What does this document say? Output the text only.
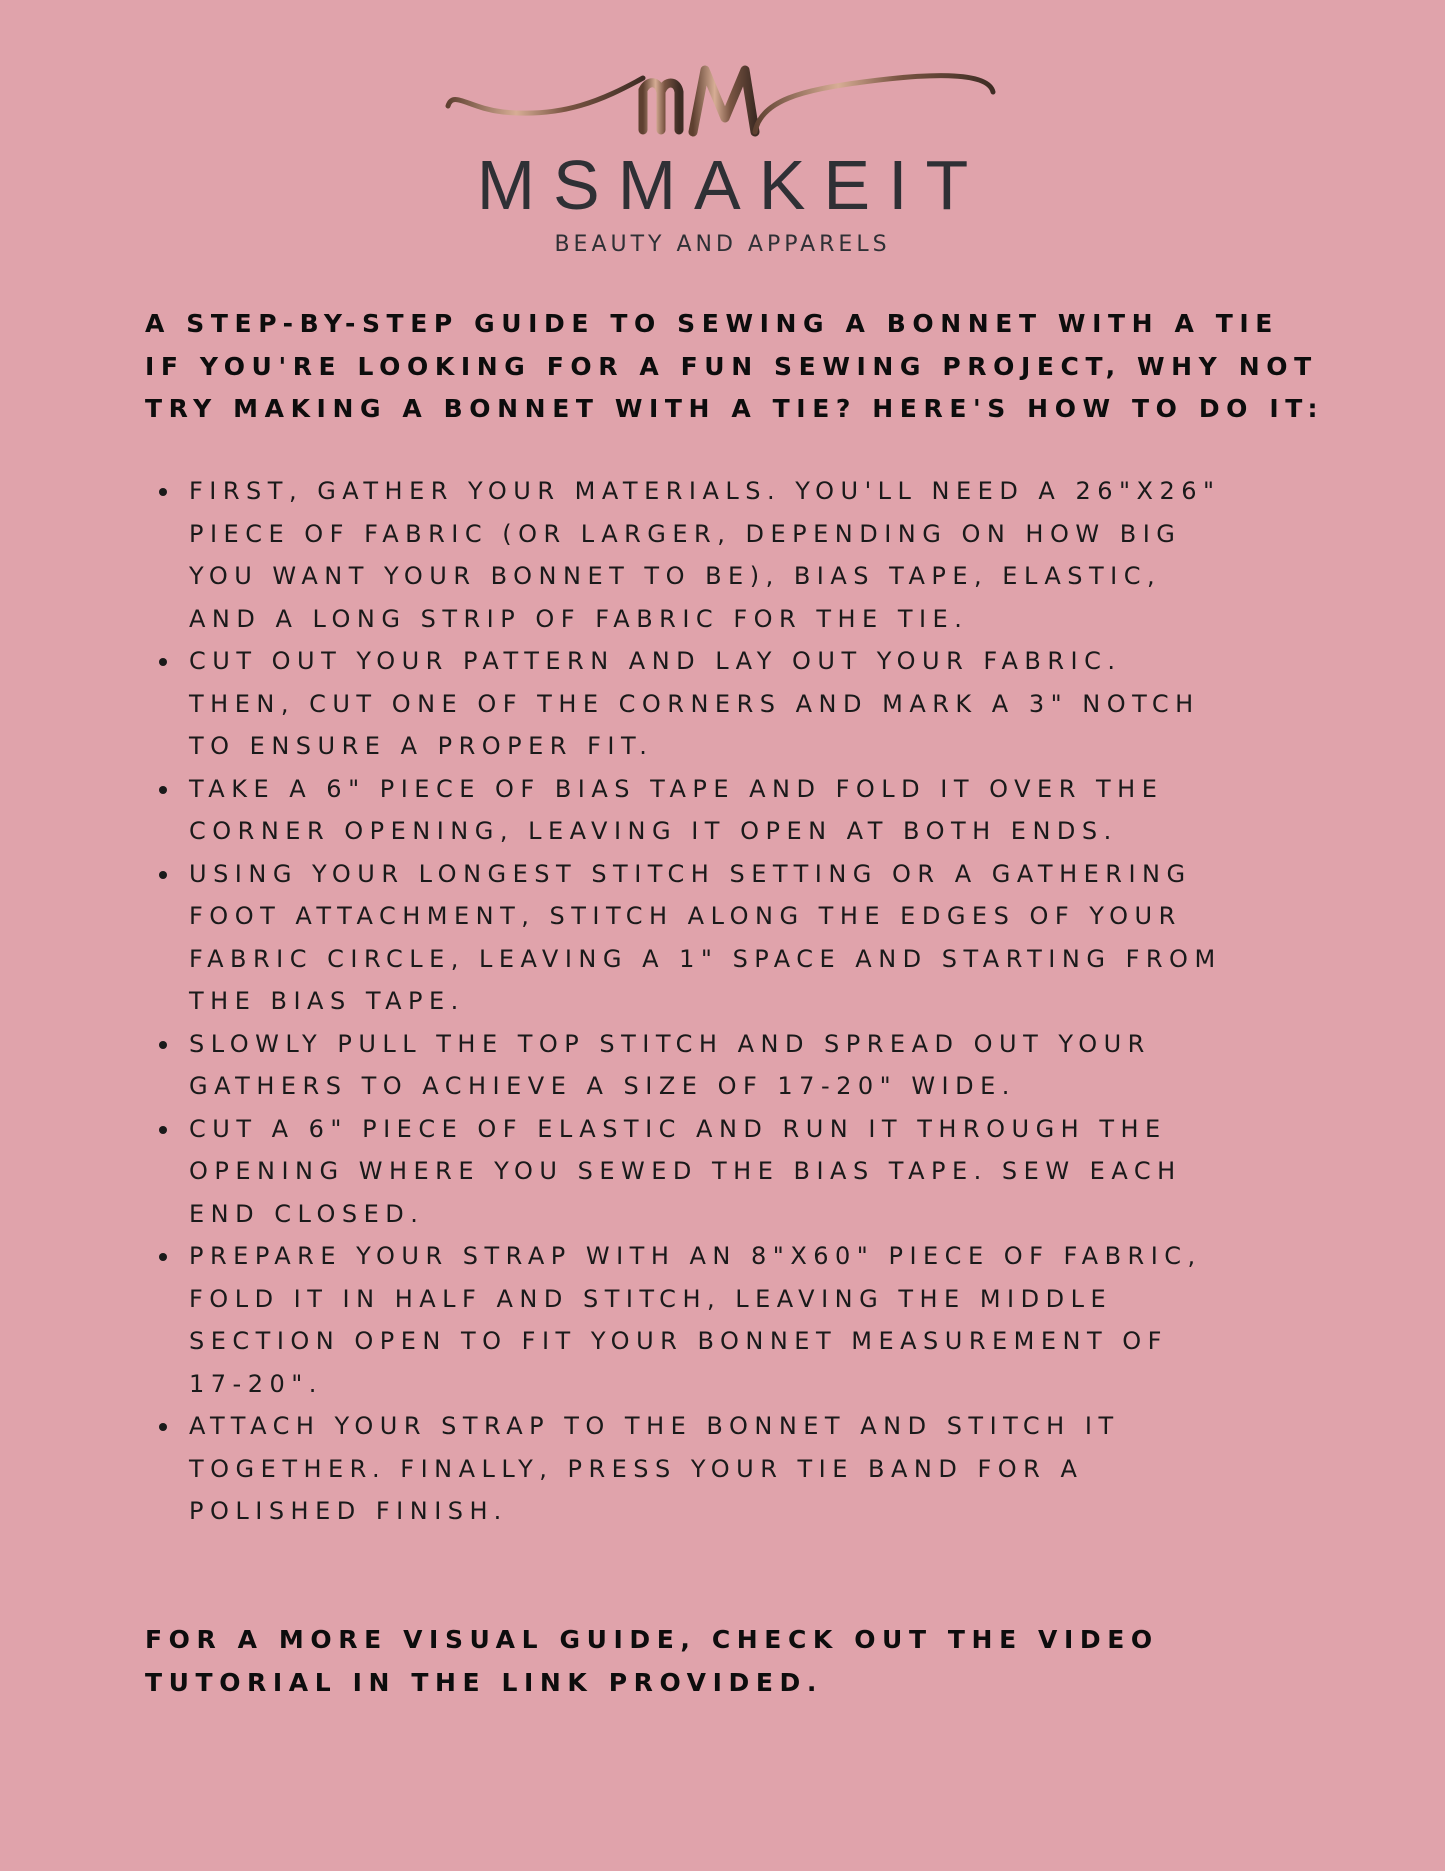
MSMAKEIT
BEAUTY AND APPARELS
A STEP-BY-STEP GUIDE TO SEWING A BONNET WITH A TIE
IF YOU'RE LOOKING FOR A FUN SEWING PROJECT, WHY NOT
TRY MAKING A BONNET WITH A TIE? HERE'S HOW TO DO IT:
FIRST, GATHER YOUR MATERIALS. YOU'LL NEED A 26"X26"
PIECE OF FABRIC (OR LARGER, DEPENDING ON HOW BIG
YOU WANT YOUR BONNET TO BE), BIAS TAPE, ELASTIC,
AND A LONG STRIP OF FABRIC FOR THE TIE.
CUT OUT YOUR PATTERN AND LAY OUT YOUR FABRIC.
THEN, CUT ONE OF THE CORNERS AND MARK A 3" NOTCH
TO ENSURE A PROPER FIT.
TAKE A 6" PIECE OF BIAS TAPE AND FOLD IT OVER THE
CORNER OPENING, LEAVING IT OPEN AT BOTH ENDS.
USING YOUR LONGEST STITCH SETTING OR A GATHERING
FOOT ATTACHMENT, STITCH ALONG THE EDGES OF YOUR
FABRIC CIRCLE, LEAVING A 1" SPACE AND STARTING FROM
THE BIAS TAPE.
SLOWLY PULL THE TOP STITCH AND SPREAD OUT YOUR
GATHERS TO ACHIEVE A SIZE OF 17-20" WIDE.
CUT A 6" PIECE OF ELASTIC AND RUN IT THROUGH THE
OPENING WHERE YOU SEWED THE BIAS TAPE. SEW EACH
END CLOSED.
PREPARE YOUR STRAP WITH AN 8"X60" PIECE OF FABRIC,
FOLD IT IN HALF AND STITCH, LEAVING THE MIDDLE
SECTION OPEN TO FIT YOUR BONNET MEASUREMENT OF
17-20".
ATTACH YOUR STRAP TO THE BONNET AND STITCH IT
TOGETHER. FINALLY, PRESS YOUR TIE BAND FOR A
POLISHED FINISH.
FOR A MORE VISUAL GUIDE, CHECK OUT THE VIDEO
TUTORIAL IN THE LINK PROVIDED.
